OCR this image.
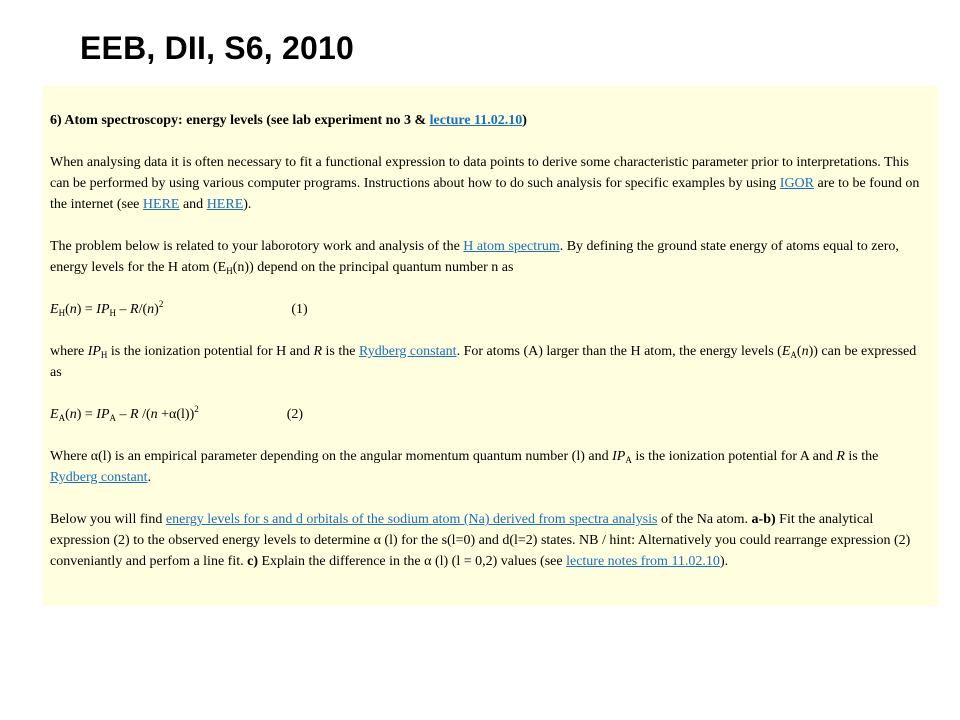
EEB, DII, S6, 2010

6) Atom spectroscopy: energy levels (see lab experiment no 3 & lecture 11.02.10)

When analysing data it is often necessary to fit a functional expression to data points to derive some characteristic parameter prior to interpretations. This can be performed by using various computer programs. Instructions about how to do such analysis for specific examples by using IGOR are to be found on the internet (see HERE and HERE).

The problem below is related to your laborotory work and analysis of the H atom spectrum. By defining the ground state energy of atoms equal to zero, energy levels for the H atom $(E_H(n))$ depend on the principal quantum number n as

$E_H(n) = IP_H - R/(n)^2$	(1)

where $IP_H$ is the ionization potential for H and R is the Rydberg constant. For atoms (A) larger than the H atom, the energy levels $(E_A(n))$ can be expressed as

$E_A(n) = IP_A - R$ $/(n +\alpha(l))^2$	(2)

Where α(l) is an empirical parameter depending on the angular momentum quantum number (l) and $IP_A$ is the ionization potential for A and R is the Rydberg constant.

Below you will find energy levels for s and d orbitals of the sodium atom (Na) derived from spectra analysis of the Na atom. a-b) Fit the analytical expression (2) to the observed energy levels to determine α (l) for the s(l=0) and d(l=2) states. NB / hint: Alternatively you could rearrange expression (2) conveniantly and perfom a line fit. c) Explain the difference in the α (l) (l = 0,2) values (see lecture notes from 11.02.10).
